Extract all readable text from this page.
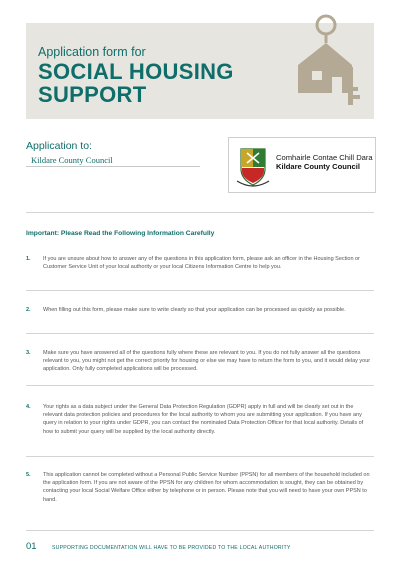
Application form for
SOCIAL HOUSING
SUPPORT
Application to:
Kildare County Council	Comhairle Contae Chill Dara
Kildare County Council
Important: Please Read the Following Information Carefully
1. If you are unsure about how to answer any of the questions in this application form, please ask an officer in the Housing Section or Customer Service Unit of your local authority or your local Citizens Information Centre to help you.
2. When filling out this form, please make sure to write clearly so that your application can be processed as quickly as possible.
3. Make sure you have answered all of the questions fully where these are relevant to you. If you do not fully answer all the questions relevant to you, you might not get the correct priority for housing or else we may have to return the form to you, and it would delay your application. Only fully completed applications will be processed.
4. Your rights as a data subject under the General Data Protection Regulation (GDPR) apply in full and will be clearly set out in the relevant data protection policies and procedures for the local authority to whom you are submitting your application. If you have any query in relation to your rights under GDPR, you can contact the nominated Data Protection Officer for that local authority. Details of how to submit your query will be supplied by the local authority directly.
5. This application cannot be completed without a Personal Public Service Number (PPSN) for all members of the household included on the application form. If you are not aware of the PPSN for any children for whom accommodation is sought, they can be obtained by contacting your local Social Welfare Office either by telephone or in person. Please note that you will need to have your own PPSN to hand.
01	SUPPORTING DOCUMENTATION WILL HAVE TO BE PROVIDED TO THE LOCAL AUTHORITY
